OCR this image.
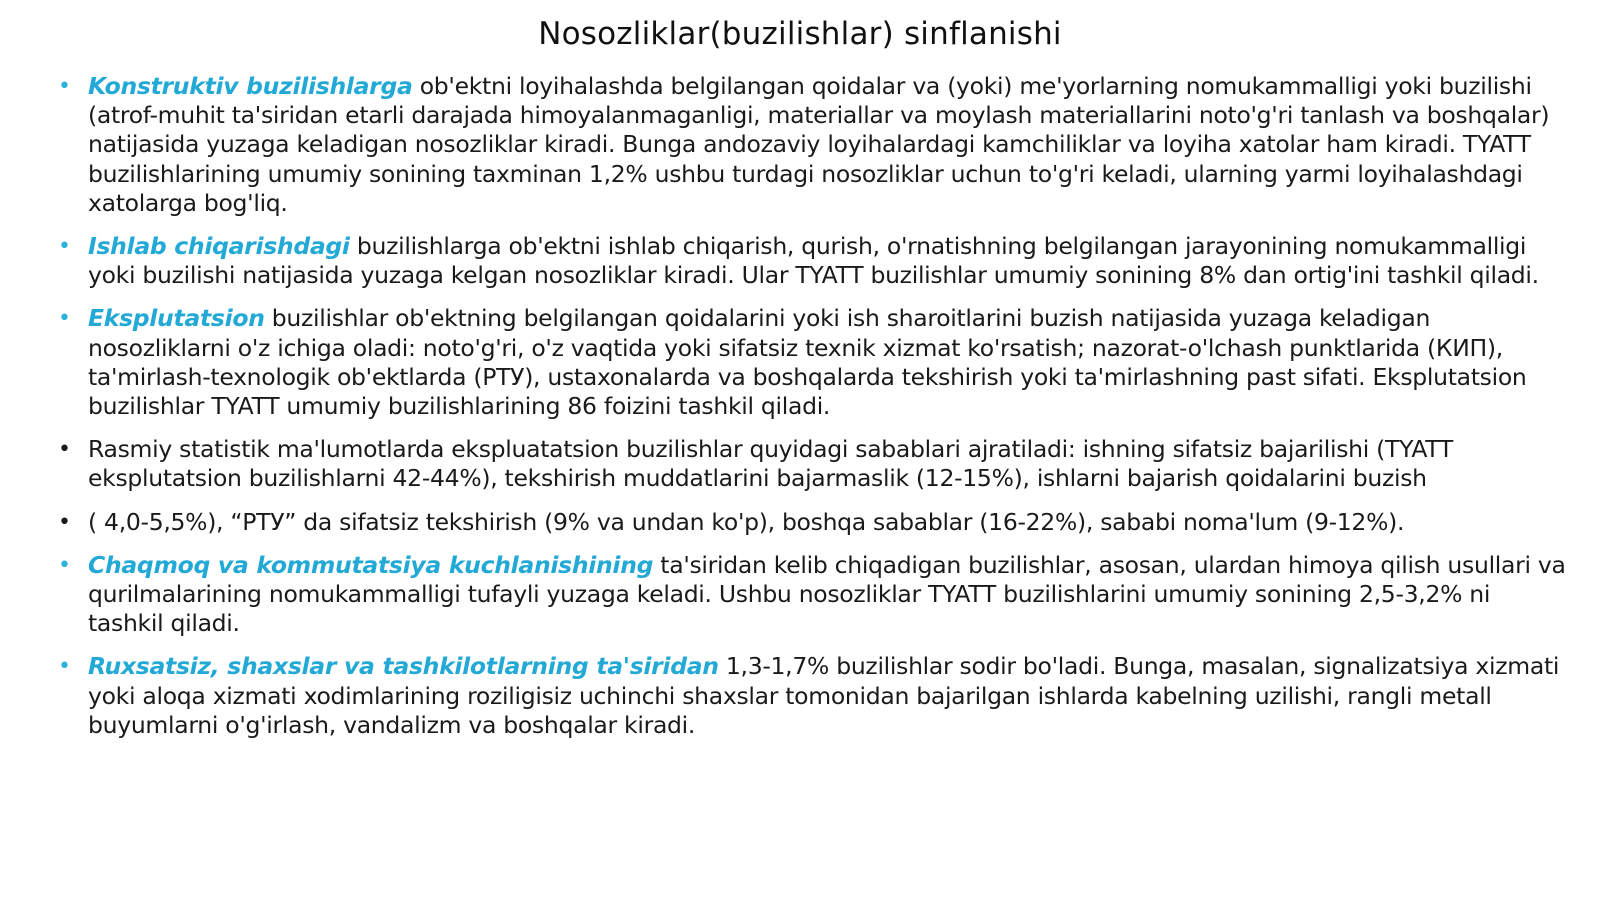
Nosozliklar(buzilishlar) sinflanishi
• Konstruktiv buzilishlarga ob'ektni loyihalashda belgilangan qoidalar va (yoki) me'yorlarning nomukammalligi yoki buzilishi (atrof-muhit ta'siridan etarli darajada himoyalanmaganligi, materiallar va moylash materiallarini noto'g'ri tanlash va boshqalar) natijasida yuzaga keladigan nosozliklar kiradi. Bunga andozaviy loyihalardagi kamchiliklar va loyiha xatolar ham kiradi. TYATT buzilishlarining umumiy sonining taxminan 1,2% ushbu turdagi nosozliklar uchun to'g'ri keladi, ularning yarmi loyihalashdagi xatolarga bog'liq.
• Ishlab chiqarishdagi buzilishlarga ob'ektni ishlab chiqarish, qurish, o'rnatishning belgilangan jarayonining nomukammalligi yoki buzilishi natijasida yuzaga kelgan nosozliklar kiradi. Ular TYATT buzilishlar umumiy sonining 8% dan ortig'ini tashkil qiladi.
• Eksplutatsion buzilishlar ob'ektning belgilangan qoidalarini yoki ish sharoitlarini buzish natijasida yuzaga keladigan nosozliklarni o'z ichiga oladi: noto'g'ri, o'z vaqtida yoki sifatsiz texnik xizmat ko'rsatish; nazorat-o'lchash punktlarida (КИП), ta'mirlash-texnologik ob'ektlarda (РТУ), ustaxonalarda va boshqalarda tekshirish yoki ta'mirlashning past sifati. Eksplutatsion buzilishlar TYATT umumiy buzilishlarining 86 foizini tashkil qiladi.
• Rasmiy statistik ma'lumotlarda ekspluatatsion buzilishlar quyidagi sabablari ajratiladi: ishning sifatsiz bajarilishi (TYATT eksplutatsion buzilishlarni 42-44%), tekshirish muddatlarini bajarmaslik (12-15%), ishlarni bajarish qoidalarini buzish
• ( 4,0-5,5%), “РТУ” da sifatsiz tekshirish (9% va undan ko'p), boshqa sabablar (16-22%), sababi noma'lum (9-12%).
• Chaqmoq va kommutatsiya kuchlanishining ta'siridan kelib chiqadigan buzilishlar, asosan, ulardan himoya qilish usullari va qurilmalarining nomukammalligi tufayli yuzaga keladi. Ushbu nosozliklar TYATT buzilishlarini umumiy sonining 2,5-3,2% ni tashkil qiladi.
• Ruxsatsiz, shaxslar va tashkilotlarning ta'siridan 1,3-1,7% buzilishlar sodir bo'ladi. Bunga, masalan, signalizatsiya xizmati yoki aloqa xizmati xodimlarining roziligisiz uchinchi shaxslar tomonidan bajarilgan ishlarda kabelning uzilishi, rangli metall buyumlarni o'g'irlash, vandalizm va boshqalar kiradi.
